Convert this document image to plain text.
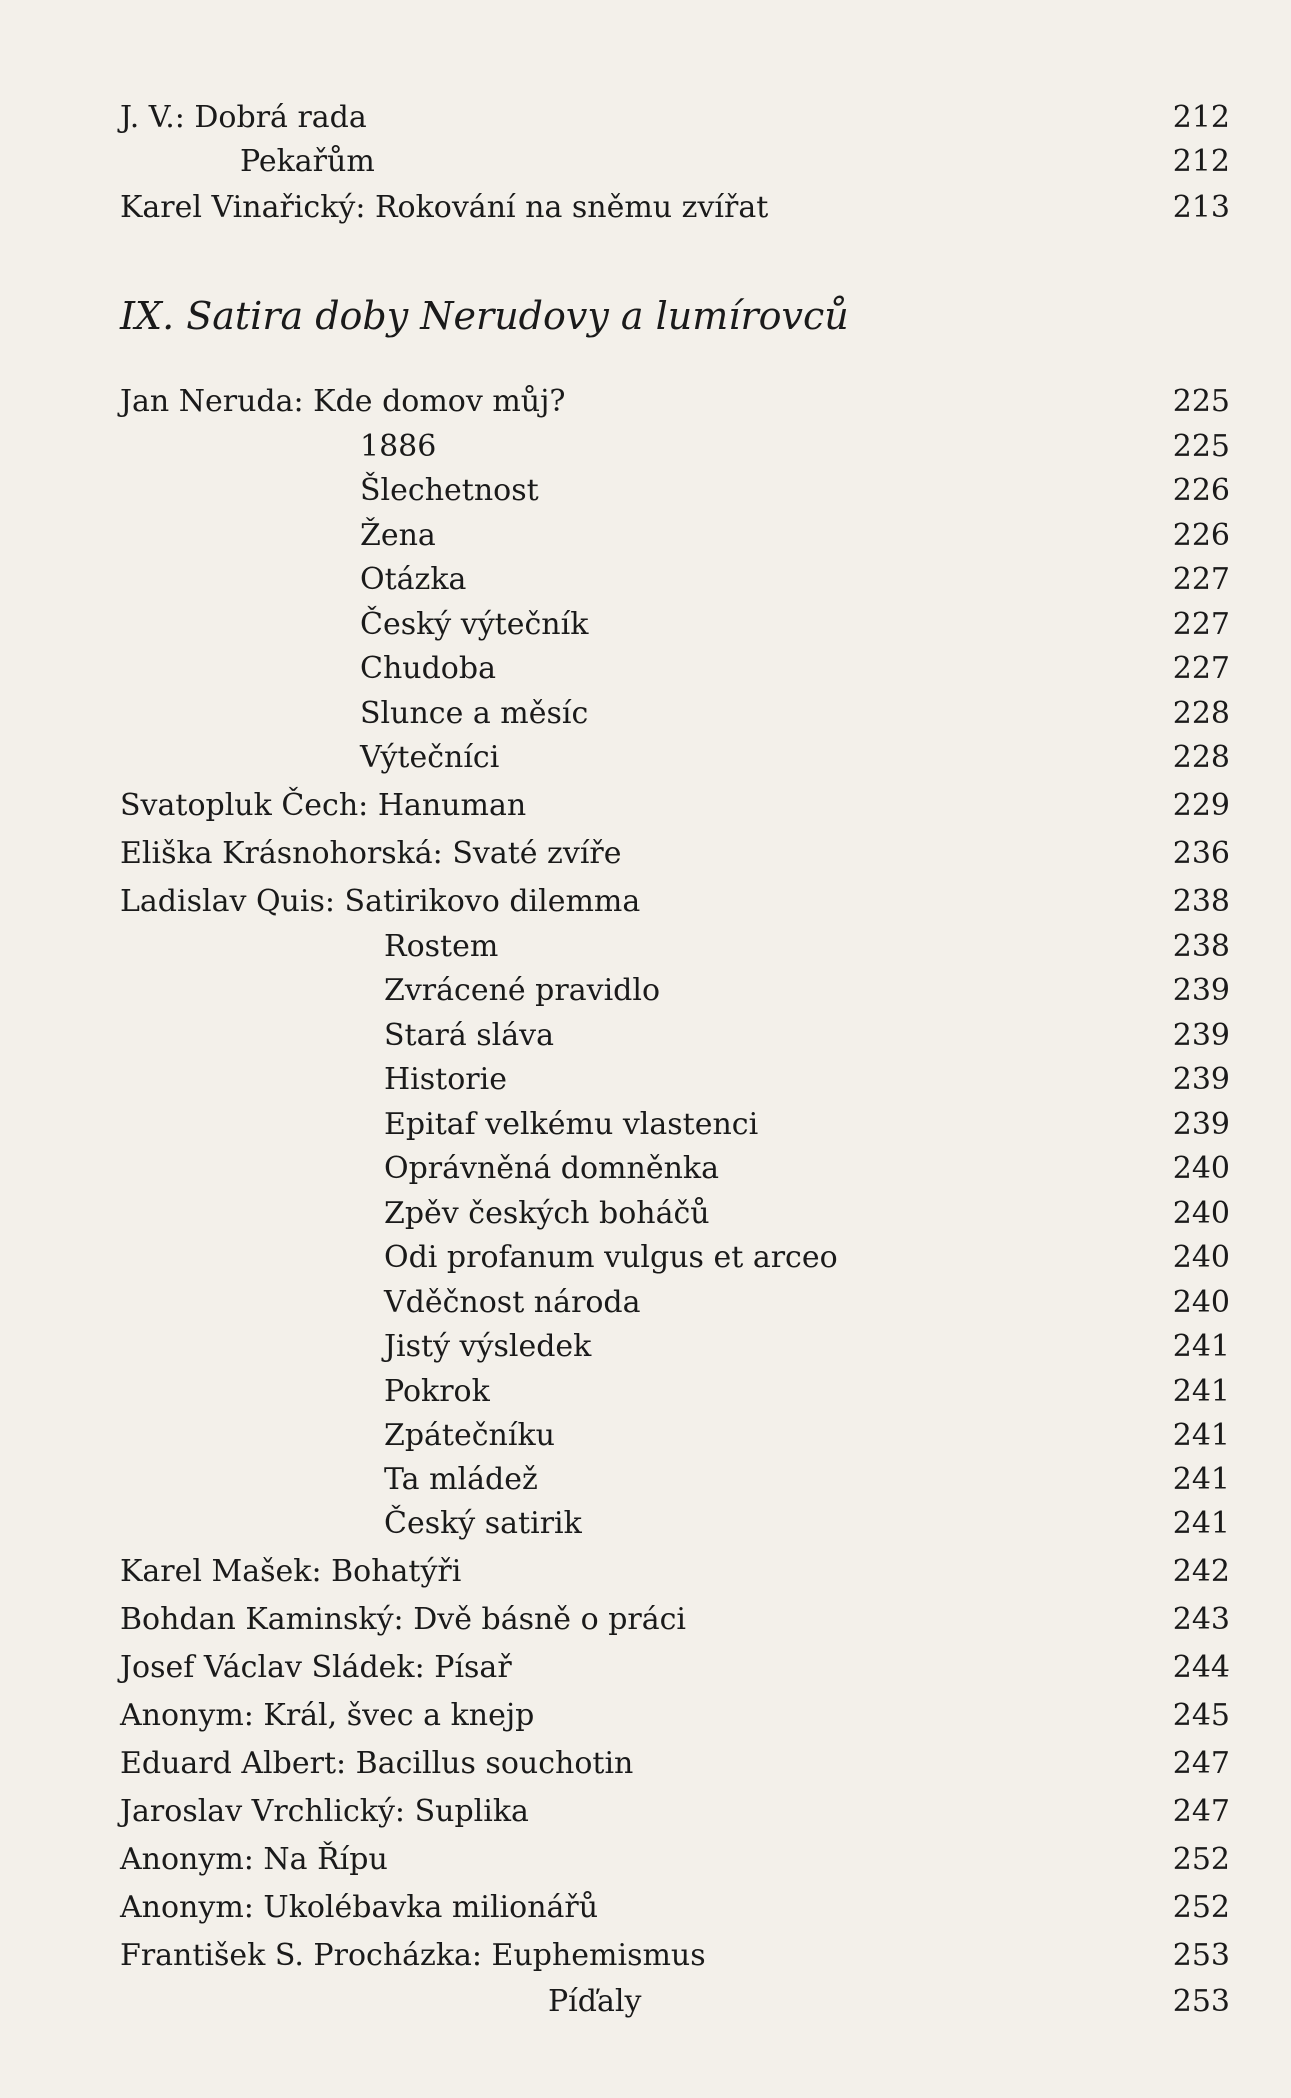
J. V.: Dobrá rada	212
Pekařům	212
Karel Vinařický: Rokování na sněmu zvířat	213
IX. Satira doby Nerudovy a lumírovců
Jan Neruda: Kde domov můj?	225
1886	225
Šlechetnost	226
Žena	226
Otázka	227
Český výtečník	227
Chudoba	227
Slunce a měsíc	228
Výtečníci	228
Svatopluk Čech: Hanuman	229
Eliška Krásnohorská: Svaté zvíře	236
Ladislav Quis: Satirikovo dilemma	238
Rostem	238
Zvrácené pravidlo	239
Stará sláva	239
Historie	239
Epitaf velkému vlastenci	239
Oprávněná domněnka	240
Zpěv českých boháčů	240
Odi profanum vulgus et arceo	240
Vděčnost národa	240
Jistý výsledek	241
Pokrok	241
Zpátečníku	241
Ta mládež	241
Český satirik	241
Karel Mašek: Bohatýři	242
Bohdan Kaminský: Dvě básně o práci	243
Josef Václav Sládek: Písař	244
Anonym: Král, švec a knejp	245
Eduard Albert: Bacillus souchotin	247
Jaroslav Vrchlický: Suplika	247
Anonym: Na Řípu	252
Anonym: Ukolébavka milionářů	252
František S. Procházka: Euphemismus	253
Píďaly	253
